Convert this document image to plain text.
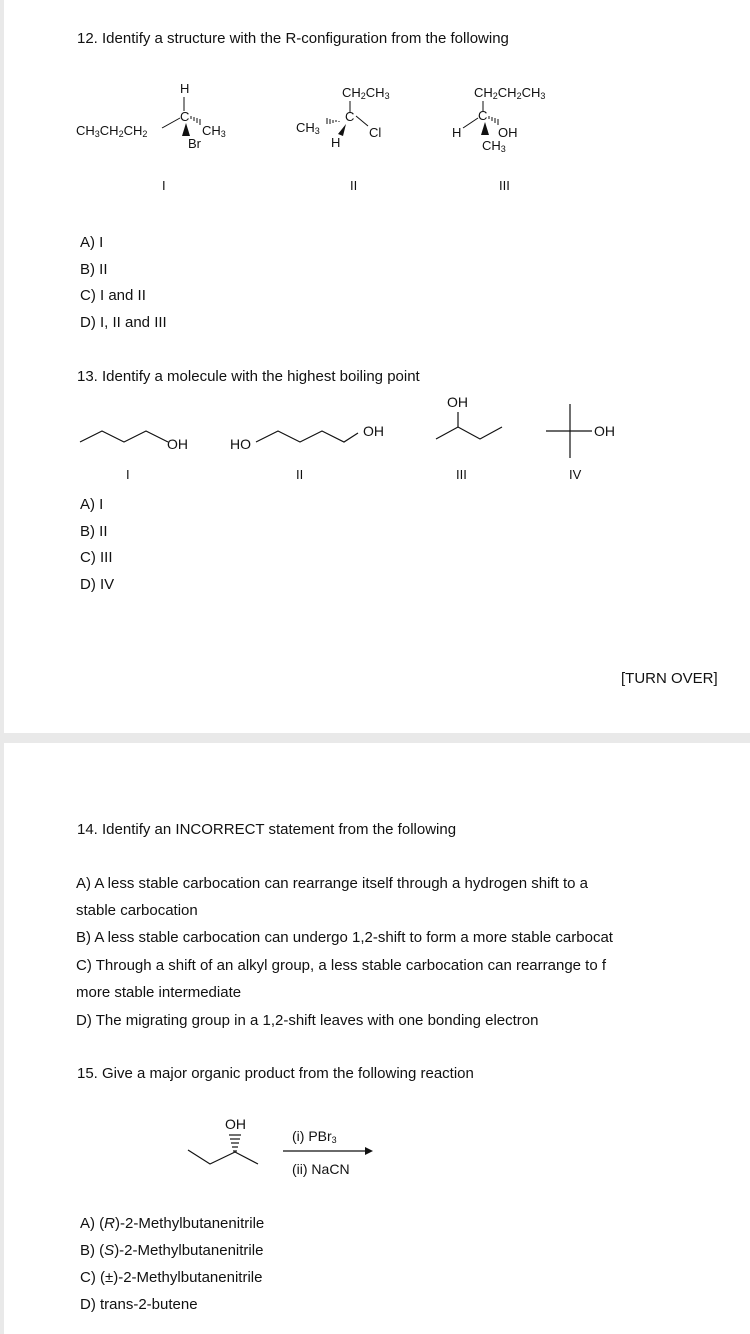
12. Identify a structure with the R-configuration from the following
H
C
$CH_3CH_2CH_2$	$CH_3$
Br
I
$CH_2CH_3$
C
$CH_3$	Cl
H
II
$CH_2CH_2CH_3$
C
H	OH
$CH_3$
III
A) I
B) II
C) I and II
D) I, II and III
13. Identify a molecule with the highest boiling point
OH
I
HO
OH
II
OH
III
OH
IV
A) I
B) II
C) III
D) IV
[TURN OVER]
14. Identify an INCORRECT statement from the following
A) A less stable carbocation can rearrange itself through a hydrogen shift to a
stable carbocation
B) A less stable carbocation can undergo 1,2-shift to form a more stable carbocat
C) Through a shift of an alkyl group, a less stable carbocation can rearrange to f
more stable intermediate
D) The migrating group in a 1,2-shift leaves with one bonding electron
15. Give a major organic product from the following reaction
OH
(i) PBr$_3$
(ii) NaCN
A) (R)-2-Methylbutanenitrile
B) (S)-2-Methylbutanenitrile
C) (±)-2-Methylbutanenitrile
D) trans-2-butene
